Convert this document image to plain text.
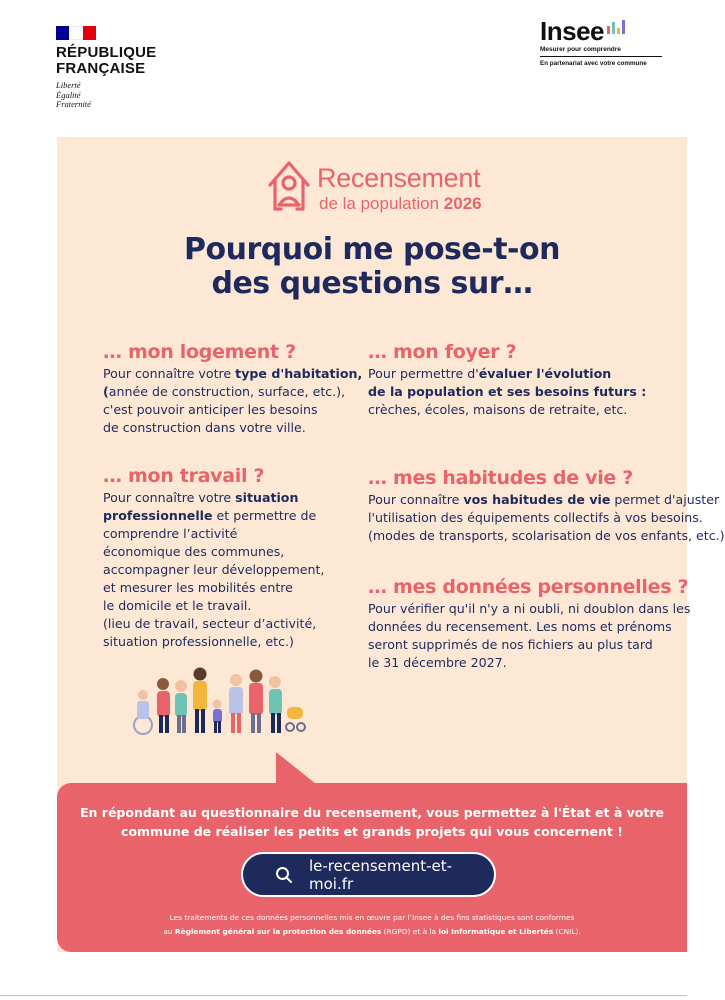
RÉPUBLIQUE
FRANÇAISE
Liberté
Égalité
Fraternité
Insee
Mesurer pour comprendre
En partenariat avec votre commune
Recensement
de la population 2026
Pourquoi me pose-t-on
des questions sur…
… mon logement ?

Pour connaître votre type d'habitation,
(année de construction, surface, etc.),
c'est pouvoir anticiper les besoins
de construction dans votre ville.

… mon foyer ?

Pour permettre d'évaluer l'évolution
de la population et ses besoins futurs :
crèches, écoles, maisons de retraite, etc.

… mon travail ?

Pour connaître votre situation
professionnelle et permettre de
comprendre l’activité
économique des communes,
accompagner leur développement,
et mesurer les mobilités entre
le domicile et le travail.
(lieu de travail, secteur d’activité,
situation professionnelle, etc.)

… mes habitudes de vie ?

Pour connaître vos habitudes de vie permet d'ajuster
l'utilisation des équipements collectifs à vos besoins.
(modes de transports, scolarisation de vos enfants, etc.)

… mes données personnelles ?

Pour vérifier qu'il n'y a ni oubli, ni doublon dans les
données du recensement. Les noms et prénoms
seront supprimés de nos fichiers au plus tard
le 31 décembre 2027.

En répondant au questionnaire du recensement, vous permettez à l'État et à votre
commune de réaliser les petits et grands projets qui vous concernent !
le-recensement-et-moi.fr
Les traitements de ces données personnelles mis en œuvre par l’Insee à des fins statistiques sont conformes
au Règlement général sur la protection des données (RGPD) et à la loi Informatique et Libertés (CNIL).
